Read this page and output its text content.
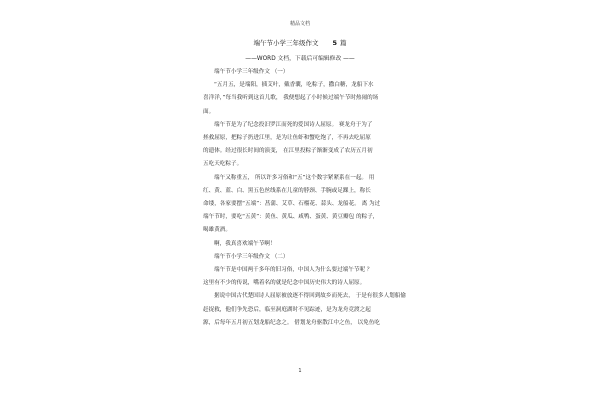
精品文档
端午节小学三年级作文 5 篇
——WORD 文档，下载后可编辑修改 ——

端午节小学三年级作文 （一）

“五月五，是端阳，插艾叶，戴香囊，吃粽子，撒白糖，龙船下水

喜洋洋，”每当我听到这首儿歌， 我便想起了小时候过端午节时热闹的场

面。

端午节是为了纪念投汨罗江而死的爱国诗人屈原。 赛龙舟于为了

拯救屈原，把粽子扔进江里，是为让鱼虾和蟹吃饱了，不再去吃屈原

的遗体。经过很长时间的演变， 在江里投粽子渐渐变成了农历五月初

五吃天吃粽子。

端午又称重五， 所以许多习俗和“五”这个数字紧紧系在一起。 用

红、黄、蓝、白、黑五色丝线系在儿童的脖颈、手腕或足踝上，称长

命缕，各家要摆“五端”：菖蒲、艾草、石榴花、蒜头、龙船花。 离 为过

端午节时，要吃“五黄”：黄鱼、黄瓜、咸鸭、蛋黄、黄豆瓣包 的粽子，

喝雄黄酒。

啊，我真喜欢端午节啊！

端午节小学三年级作文 （二）

端午节是中国两千多年的旧习俗，中国人为什么要过端午节呢 ？

这里有不少的传说，嘴着名的就是纪念中国历史伟大的诗人屈原。

据说中国古代楚国诗人屈原被放逐不得回到故乡而死去， 于是有很多人划船偷

赶捉救，他们争先恐后，临至洞庭湖时不见踪迹，是为龙舟竞渡之起

源，后每年五月初五划龙船纪念之。 借划龙舟驱散江中之鱼， 以免鱼吃

1
